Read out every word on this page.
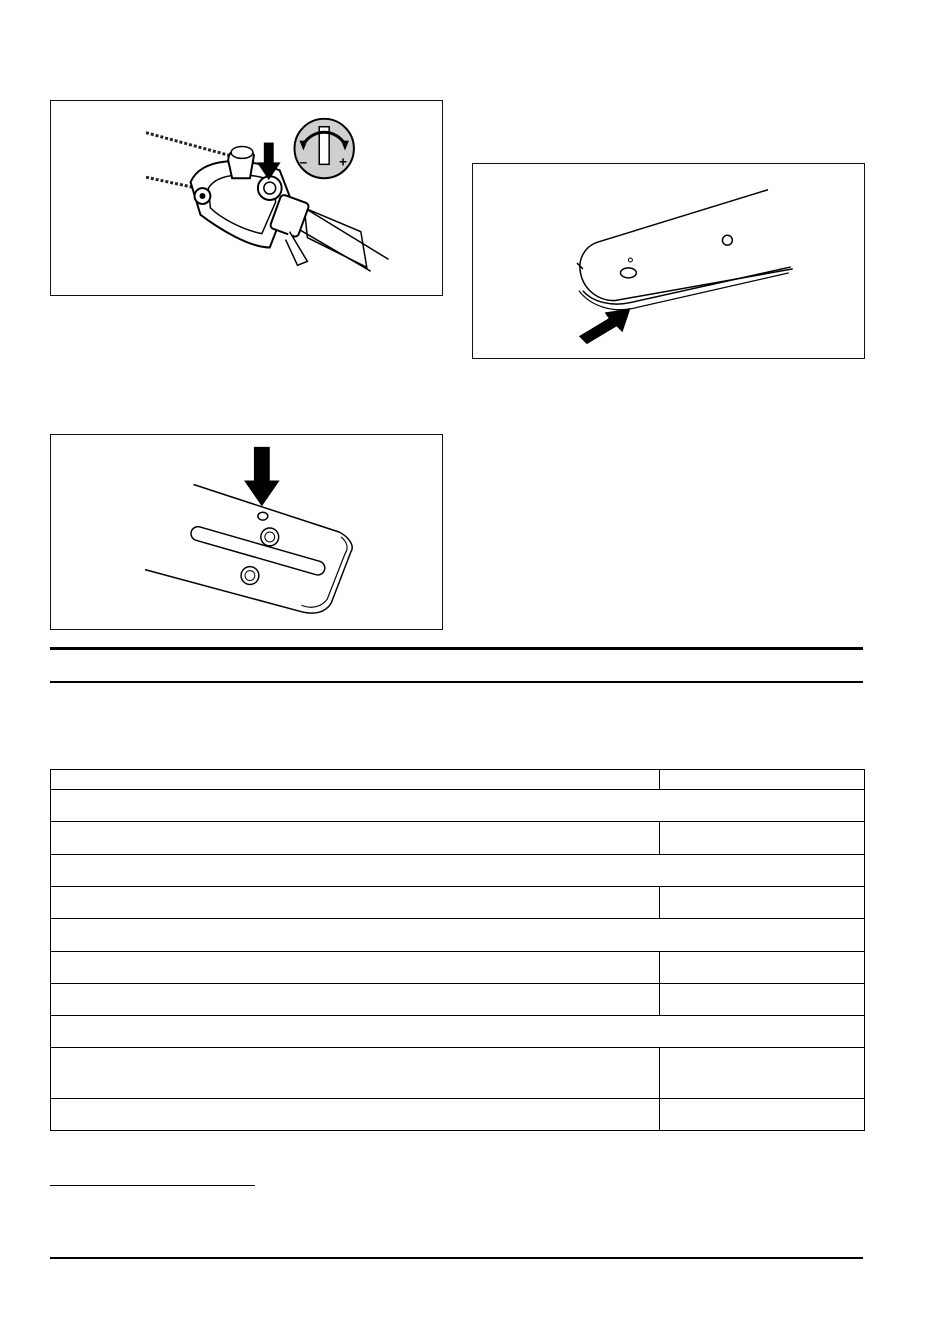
– +
